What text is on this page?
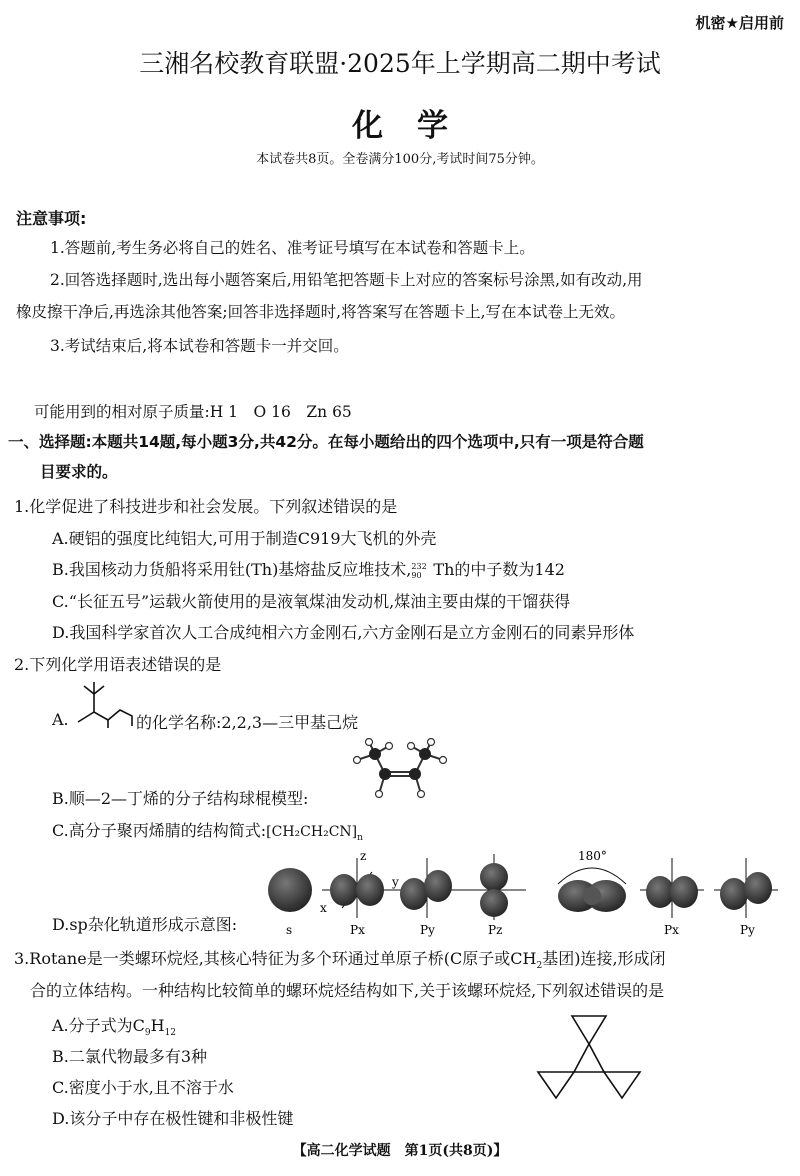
机密★启用前
三湘名校教育联盟·2025年上学期高二期中考试
化学
本试卷共8页。全卷满分100分,考试时间75分钟。
注意事项:
1.答题前,考生务必将自己的姓名、准考证号填写在本试卷和答题卡上。
2.回答选择题时,选出每小题答案后,用铅笔把答题卡上对应的答案标号涂黑,如有改动,用
橡皮擦干净后,再选涂其他答案;回答非选择题时,将答案写在答题卡上,写在本试卷上无效。
3.考试结束后,将本试卷和答题卡一并交回。
可能用到的相对原子质量:H 1　O 16　Zn 65
一、选择题:本题共14题,每小题3分,共42分。在每小题给出的四个选项中,只有一项是符合题
目要求的。
1.化学促进了科技进步和社会发展。下列叙述错误的是
A.硬铝的强度比纯铝大,可用于制造C919大飞机的外壳
B.我国核动力货船将采用钍(Th)基熔盐反应堆技术, 232
90 Th的中子数为142
C.“长征五号”运载火箭使用的是液氧煤油发动机,煤油主要由煤的干馏获得
D.我国科学家首次人工合成纯相六方金刚石,六方金刚石是立方金刚石的同素异形体
2.下列化学用语表述错误的是
A.	的化学名称:2,2,3—三甲基己烷
B.顺—2—丁烯的分子结构球棍模型:
C.高分子聚丙烯腈的结构简式$:[CH_2CH_2CN]_n$
s	Px	Py	Pz
180°
Px	Py
x
y
z
D.sp杂化轨道形成示意图:
3.Rotane是一类螺环烷烃,其核心特征为多个环通过单原子桥(C原子或$CH_2$基团)连接,形成闭
合的立体结构。一种结构比较简单的螺环烷烃结构如下,关于该螺环烷烃,下列叙述错误的是
A.分子式为$C_9H_{12}$
B.二氯代物最多有3种
C.密度小于水,且不溶于水
D.该分子中存在极性键和非极性键
【高二化学试题　第1页(共8页)】
